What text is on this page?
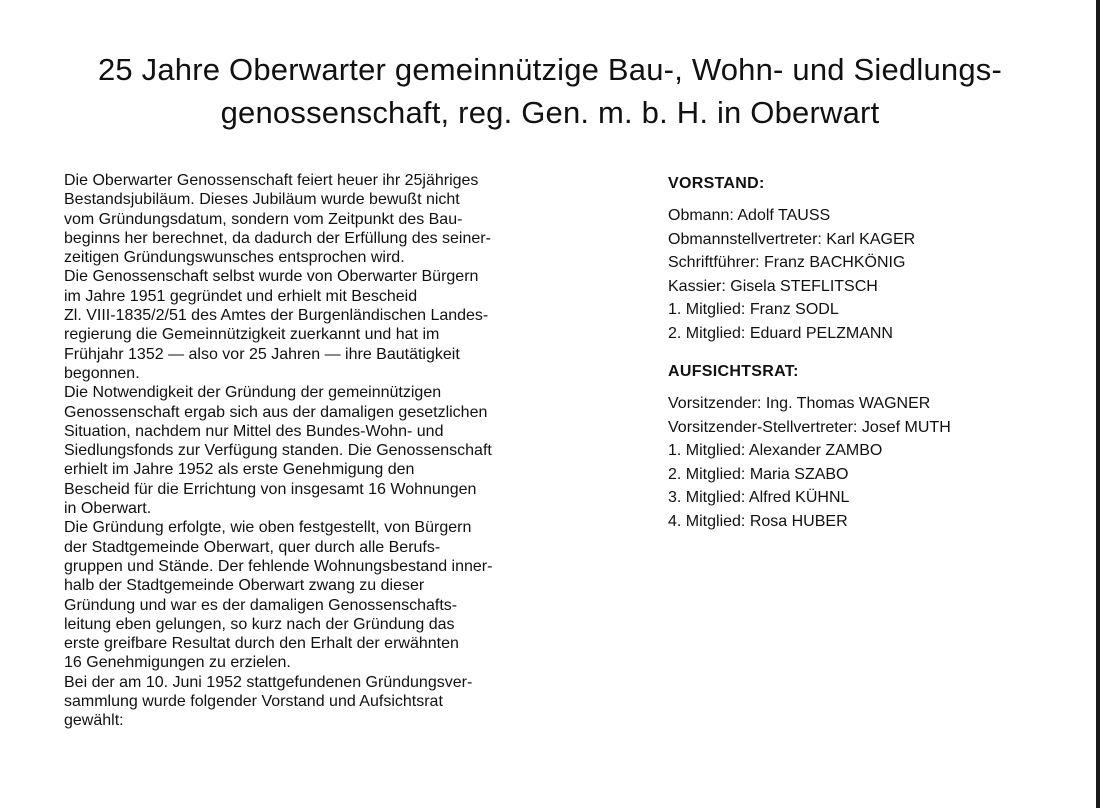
25 Jahre Oberwarter gemeinnützige Bau-, Wohn- und Siedlungs-
genossenschaft, reg. Gen. m. b. H. in Oberwart
Die Oberwarter Genossenschaft feiert heuer ihr 25jähriges
Bestandsjubiläum. Dieses Jubiläum wurde bewußt nicht
vom Gründungsdatum, sondern vom Zeitpunkt des Bau-
beginns her berechnet, da dadurch der Erfüllung des seiner-
zeitigen Gründungswunsches entsprochen wird.
Die Genossenschaft selbst wurde von Oberwarter Bürgern
im Jahre 1951 gegründet und erhielt mit Bescheid
Zl. VIII-1835/2/51 des Amtes der Burgenländischen Landes-
regierung die Gemeinnützigkeit zuerkannt und hat im
Frühjahr 1352 — also vor 25 Jahren — ihre Bautätigkeit
begonnen.
Die Notwendigkeit der Gründung der gemeinnützigen
Genossenschaft ergab sich aus der damaligen gesetzlichen
Situation, nachdem nur Mittel des Bundes-Wohn- und
Siedlungsfonds zur Verfügung standen. Die Genossenschaft
erhielt im Jahre 1952 als erste Genehmigung den
Bescheid für die Errichtung von insgesamt 16 Wohnungen
in Oberwart.
Die Gründung erfolgte, wie oben festgestellt, von Bürgern
der Stadtgemeinde Oberwart, quer durch alle Berufs-
gruppen und Stände. Der fehlende Wohnungsbestand inner-
halb der Stadtgemeinde Oberwart zwang zu dieser
Gründung und war es der damaligen Genossenschafts-
leitung eben gelungen, so kurz nach der Gründung das
erste greifbare Resultat durch den Erhalt der erwähnten
16 Genehmigungen zu erzielen.
Bei der am 10. Juni 1952 stattgefundenen Gründungsver-
sammlung wurde folgender Vorstand und Aufsichtsrat
gewählt:
VORSTAND:
Obmann: Adolf TAUSS
Obmannstellvertreter: Karl KAGER
Schriftführer: Franz BACHKÖNIG
Kassier: Gisela STEFLITSCH
1. Mitglied: Franz SODL
2. Mitglied: Eduard PELZMANN
AUFSICHTSRAT:
Vorsitzender: Ing. Thomas WAGNER
Vorsitzender-Stellvertreter: Josef MUTH
1. Mitglied: Alexander ZAMBO
2. Mitglied: Maria SZABO
3. Mitglied: Alfred KÜHNL
4. Mitglied: Rosa HUBER
